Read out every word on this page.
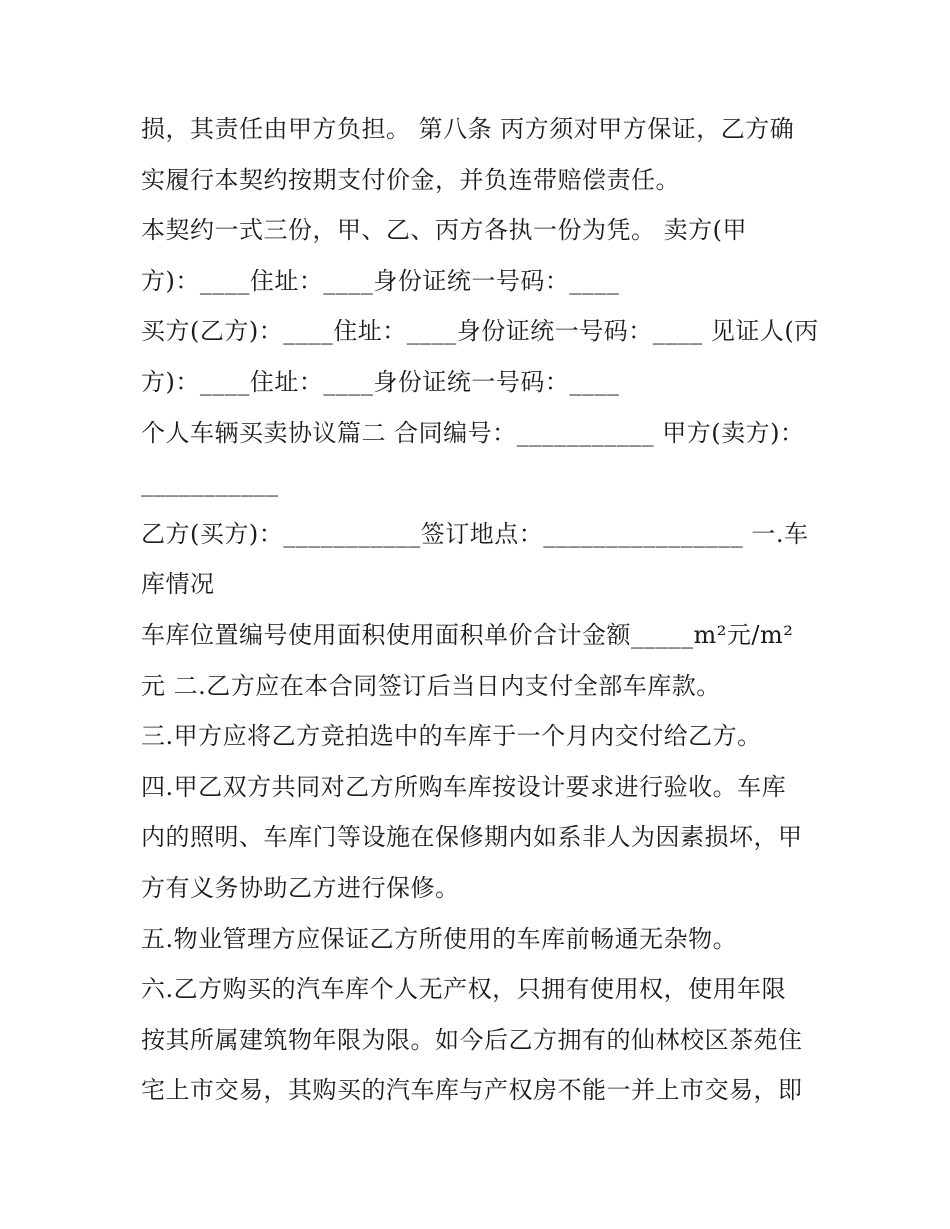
损，其责任由甲方负担。 第八条 丙方须对甲方保证，乙方确
实履行本契约按期支付价金，并负连带赔偿责任。
本契约一式三份，甲、乙、丙方各执一份为凭。 卖方(甲
方)：____住址：____身份证统一号码：____
买方(乙方)：____住址：____身份证统一号码：____ 见证人(丙
方)：____住址：____身份证统一号码：____
个人车辆买卖协议篇二 合同编号：___________ 甲方(卖方)：
___________
乙方(买方)：___________签订地点：________________ 一.车
库情况
车库位置编号使用面积使用面积单价合计金额_____m²元/m²
元 二.乙方应在本合同签订后当日内支付全部车库款。
三.甲方应将乙方竞拍选中的车库于一个月内交付给乙方。
四.甲乙双方共同对乙方所购车库按设计要求进行验收。车库
内的照明、车库门等设施在保修期内如系非人为因素损坏，甲
方有义务协助乙方进行保修。
五.物业管理方应保证乙方所使用的车库前畅通无杂物。
六.乙方购买的汽车库个人无产权，只拥有使用权，使用年限
按其所属建筑物年限为限。如今后乙方拥有的仙林校区茶苑住
宅上市交易，其购买的汽车库与产权房不能一并上市交易，即
